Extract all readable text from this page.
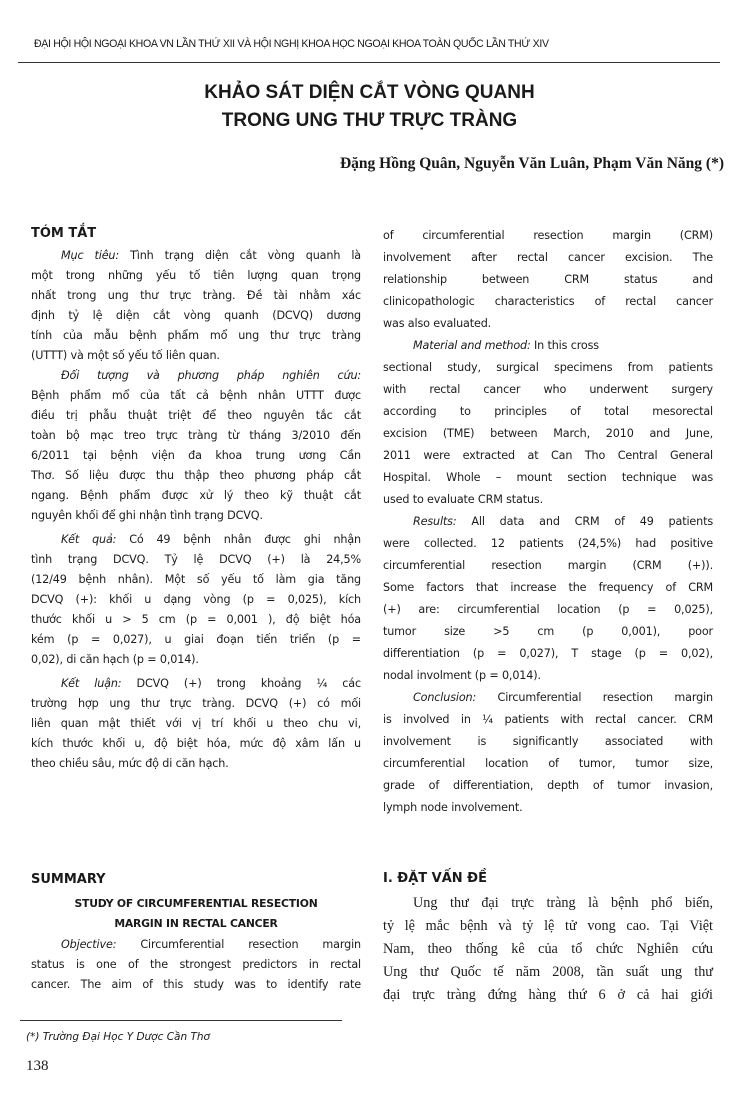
ĐẠI HỘI HỘI NGOẠI KHOA VN LẦN THỨ XII VÀ HỘI NGHỊ KHOA HỌC NGOẠI KHOA TOÀN QUỐC LẦN THỨ XIV
KHẢO SÁT DIỆN CẮT VÒNG QUANH
TRONG UNG THƯ TRỰC TRÀNG
Đặng Hồng Quân, Nguyễn Văn Luân, Phạm Văn Năng (*)
TÓM TẮT
Mục tiêu: Tình trạng diện cắt vòng quanh là
một trong những yếu tố tiên lượng quan trọng
nhất trong ung thư trực tràng. Đề tài nhằm xác
định tỷ lệ diện cắt vòng quanh (DCVQ) dương
tính của mẫu bệnh phẩm mổ ung thư trực tràng
(UTTT) và một số yếu tố liên quan.
Đối tượng và phương pháp nghiên cứu:
Bệnh phẩm mổ của tất cả bệnh nhân UTTT được
điều trị phẫu thuật triệt để theo nguyên tắc cắt
toàn bộ mạc treo trực tràng từ tháng 3/2010 đến
6/2011 tại bệnh viện đa khoa trung ương Cần
Thơ. Số liệu được thu thập theo phương pháp cắt
ngang. Bệnh phẩm được xử lý theo kỹ thuật cắt
nguyên khối để ghi nhận tình trạng DCVQ.
Kết quả: Có 49 bệnh nhân được ghi nhận
tình trạng DCVQ. Tỷ lệ DCVQ (+) là 24,5%
(12/49 bệnh nhân). Một số yếu tố làm gia tăng
DCVQ (+): khối u dạng vòng (p = 0,025), kích
thước khối u > 5 cm (p = 0,001 ), độ biệt hóa
kém (p = 0,027), u giai đoạn tiến triển (p =
0,02), di căn hạch (p = 0,014).
Kết luận: DCVQ (+) trong khoảng ¼ các
trường hợp ung thư trực tràng. DCVQ (+) có mối
liên quan mật thiết với vị trí khối u theo chu vi,
kích thước khối u, độ biệt hóa, mức độ xâm lấn u
theo chiều sâu, mức độ di căn hạch.
SUMMARY
STUDY OF CIRCUMFERENTIAL RESECTION
MARGIN IN RECTAL CANCER
Objective: Circumferential resection margin
status is one of the strongest predictors in rectal
cancer. The aim of this study was to identify rate
of circumferential resection margin (CRM)
involvement after rectal cancer excision. The
relationship between CRM status and
clinicopathologic characteristics of rectal cancer
was also evaluated.
Material and method: In this cross
sectional study, surgical specimens from patients
with rectal cancer who underwent surgery
according to principles of total mesorectal
excision (TME) between March, 2010 and June,
2011 were extracted at Can Tho Central General
Hospital. Whole – mount section technique was
used to evaluate CRM status.
Results: All data and CRM of 49 patients
were collected. 12 patients (24,5%) had positive
circumferential resection margin (CRM (+)).
Some factors that increase the frequency of CRM
(+) are: circumferential location (p = 0,025),
tumor size >5 cm (p 0,001), poor
differentiation (p = 0,027), T stage (p = 0,02),
nodal involment (p = 0,014).
Conclusion: Circumferential resection margin
is involved in ¼ patients with rectal cancer. CRM
involvement is significantly associated with
circumferential location of tumor, tumor size,
grade of differentiation, depth of tumor invasion,
lymph node involvement.
I. ĐẶT VẤN ĐỀ
Ung thư đại trực tràng là bệnh phổ biến,
tỷ lệ mắc bệnh và tỷ lệ tử vong cao. Tại Việt
Nam, theo thống kê của tổ chức Nghiên cứu
Ung thư Quốc tế năm 2008, tần suất ung thư
đại trực tràng đứng hàng thứ 6 ở cả hai giới
(*) Trường Đại Học Y Dược Cần Thơ
138
